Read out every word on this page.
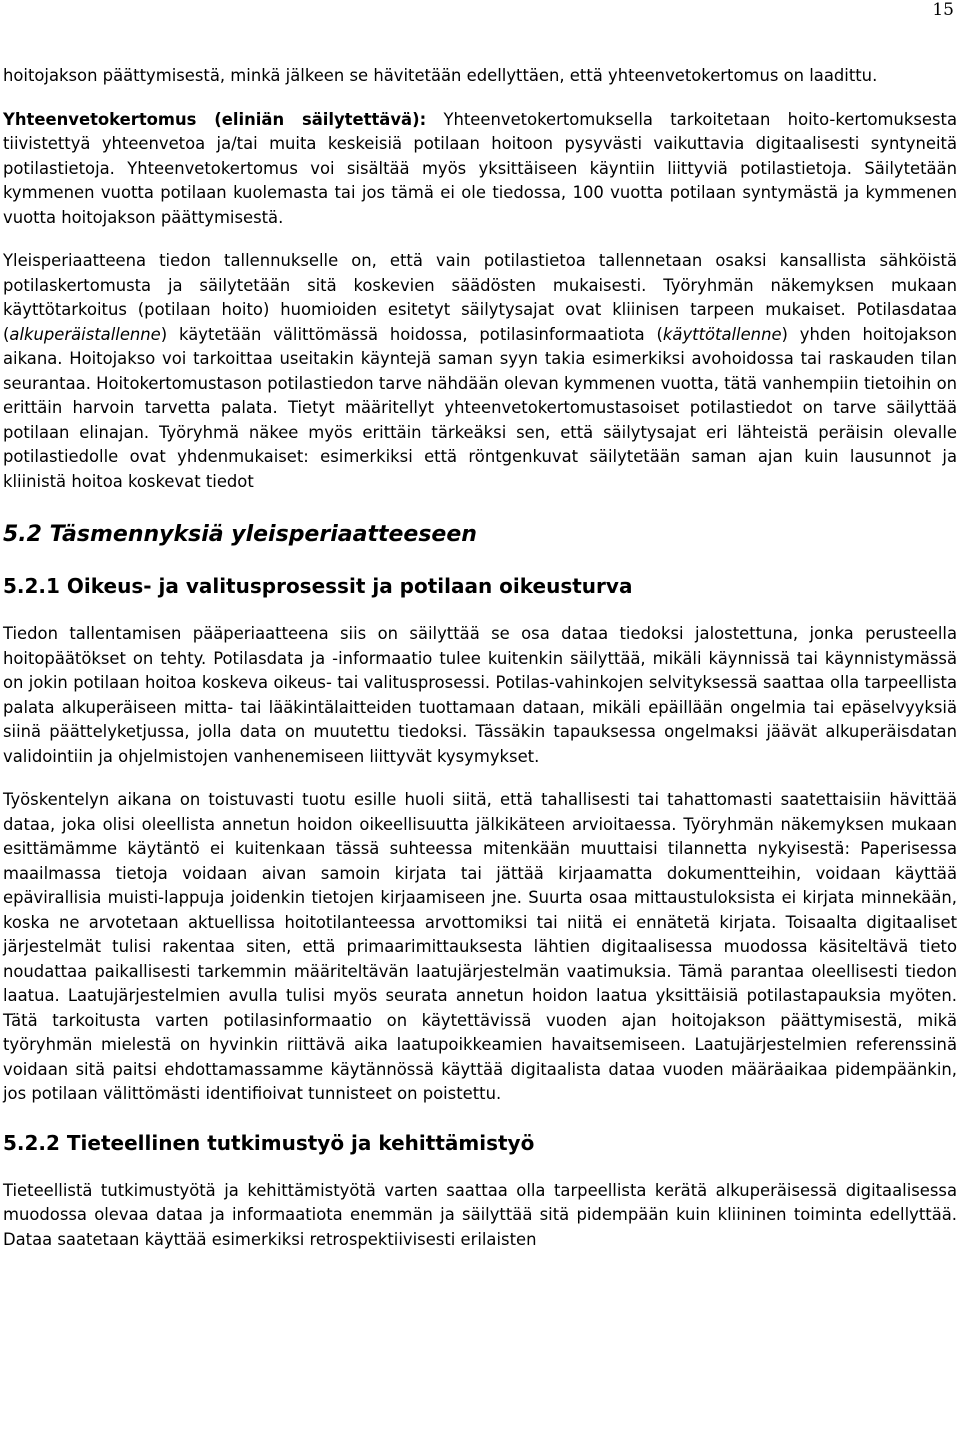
15

hoitojakson päättymisestä, minkä jälkeen se hävitetään edellyttäen, että yhteenvetokertomus on laadittu.

Yhteenvetokertomus (eliniän säilytettävä): Yhteenvetokertomuksella tarkoitetaan hoito-kertomuksesta tiivistettyä yhteenvetoa ja/tai muita keskeisiä potilaan hoitoon pysyvästi vaikuttavia digitaalisesti syntyneitä potilastietoja. Yhteenvetokertomus voi sisältää myös yksittäiseen käyntiin liittyviä potilastietoja. Säilytetään kymmenen vuotta potilaan kuolemasta tai jos tämä ei ole tiedossa, 100 vuotta potilaan syntymästä ja kymmenen vuotta hoitojakson päättymisestä.

Yleisperiaatteena tiedon tallennukselle on, että vain potilastietoa tallennetaan osaksi kansallista sähköistä potilaskertomusta ja säilytetään sitä koskevien säädösten mukaisesti. Työryhmän näkemyksen mukaan käyttötarkoitus (potilaan hoito) huomioiden esitetyt säilytysajat ovat kliinisen tarpeen mukaiset. Potilasdataa (alkuperäistallenne) käytetään välittömässä hoidossa, potilasinformaatiota (käyttötallenne) yhden hoitojakson aikana. Hoitojakso voi tarkoittaa useitakin käyntejä saman syyn takia esimerkiksi avohoidossa tai raskauden tilan seurantaa. Hoitokertomustason potilastiedon tarve nähdään olevan kymmenen vuotta, tätä vanhempiin tietoihin on erittäin harvoin tarvetta palata. Tietyt määritellyt yhteenvetokertomustasoiset potilastiedot on tarve säilyttää potilaan elinajan. Työryhmä näkee myös erittäin tärkeäksi sen, että säilytysajat eri lähteistä peräisin olevalle potilastiedolle ovat yhdenmukaiset: esimerkiksi että röntgenkuvat säilytetään saman ajan kuin lausunnot ja kliinistä hoitoa koskevat tiedot

5.2 Täsmennyksiä yleisperiaatteeseen
5.2.1 Oikeus- ja valitusprosessit ja potilaan oikeusturva

Tiedon tallentamisen pääperiaatteena siis on säilyttää se osa dataa tiedoksi jalostettuna, jonka perusteella hoitopäätökset on tehty. Potilasdata ja -informaatio tulee kuitenkin säilyttää, mikäli käynnissä tai käynnistymässä on jokin potilaan hoitoa koskeva oikeus- tai valitusprosessi. Potilas-vahinkojen selvityksessä saattaa olla tarpeellista palata alkuperäiseen mitta- tai lääkintälaitteiden tuottamaan dataan, mikäli epäillään ongelmia tai epäselvyyksiä siinä päättelyketjussa, jolla data on muutettu tiedoksi. Tässäkin tapauksessa ongelmaksi jäävät alkuperäisdatan validointiin ja ohjelmistojen vanhenemiseen liittyvät kysymykset.

Työskentelyn aikana on toistuvasti tuotu esille huoli siitä, että tahallisesti tai tahattomasti saatettaisiin hävittää dataa, joka olisi oleellista annetun hoidon oikeellisuutta jälkikäteen arvioitaessa. Työryhmän näkemyksen mukaan esittämämme käytäntö ei kuitenkaan tässä suhteessa mitenkään muuttaisi tilannetta nykyisestä: Paperisessa maailmassa tietoja voidaan aivan samoin kirjata tai jättää kirjaamatta dokumentteihin, voidaan käyttää epävirallisia muisti-lappuja joidenkin tietojen kirjaamiseen jne. Suurta osaa mittaustuloksista ei kirjata minnekään, koska ne arvotetaan aktuellissa hoitotilanteessa arvottomiksi tai niitä ei ennätetä kirjata. Toisaalta digitaaliset järjestelmät tulisi rakentaa siten, että primaarimittauksesta lähtien digitaalisessa muodossa käsiteltävä tieto noudattaa paikallisesti tarkemmin määriteltävän laatujärjestelmän vaatimuksia. Tämä parantaa oleellisesti tiedon laatua. Laatujärjestelmien avulla tulisi myös seurata annetun hoidon laatua yksittäisiä potilastapauksia myöten. Tätä tarkoitusta varten potilasinformaatio on käytettävissä vuoden ajan hoitojakson päättymisestä, mikä työryhmän mielestä on hyvinkin riittävä aika laatupoikkeamien havaitsemiseen. Laatujärjestelmien referenssinä voidaan sitä paitsi ehdottamassamme käytännössä käyttää digitaalista dataa vuoden määräaikaa pidempäänkin, jos potilaan välittömästi identifioivat tunnisteet on poistettu.

5.2.2 Tieteellinen tutkimustyö ja kehittämistyö

Tieteellistä tutkimustyötä ja kehittämistyötä varten saattaa olla tarpeellista kerätä alkuperäisessä digitaalisessa muodossa olevaa dataa ja informaatiota enemmän ja säilyttää sitä pidempään kuin kliininen toiminta edellyttää. Dataa saatetaan käyttää esimerkiksi retrospektiivisesti erilaisten
